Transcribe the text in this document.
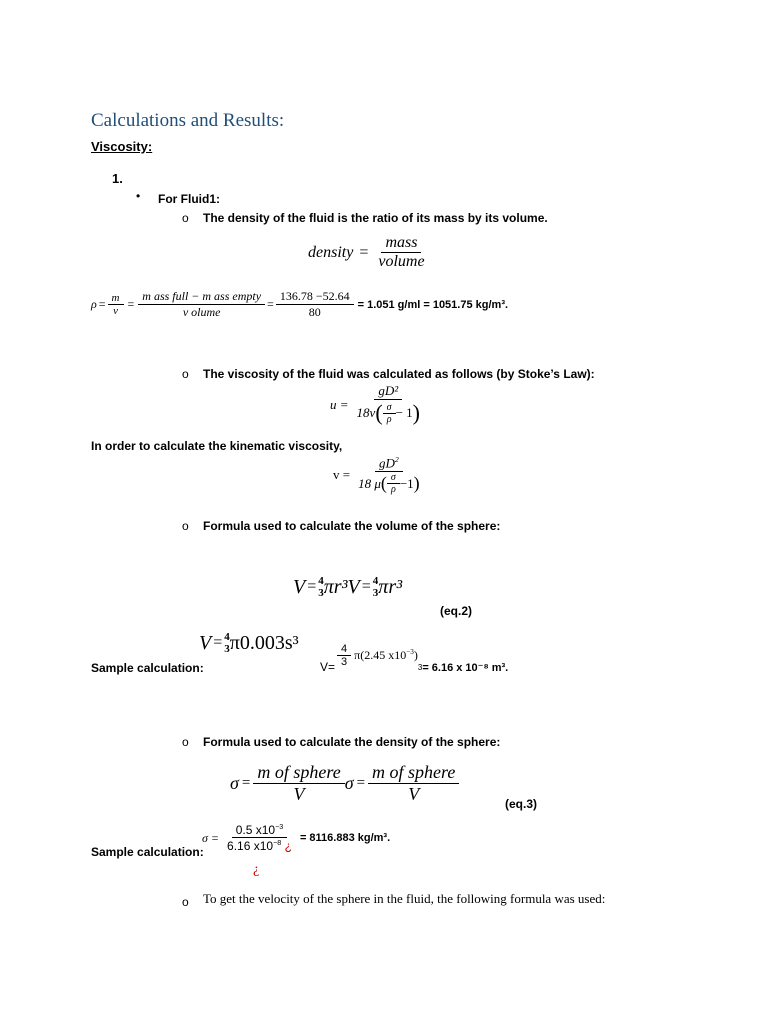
Calculations and Results:
Viscosity:
1.
• For Fluid1:
o The density of the fluid is the ratio of its mass by its volume.
density = $\frac{\text{mass}}{\text{volume}}$
$\rho = \frac{m}{v} = \frac{\text{m ass full − m ass empty}}{\text{v olume}} = \frac{136.78 -52.64}{80} = 1.051$ g/ml = 1051.75 kg/m³.
o The viscosity of the fluid was calculated as follows (by Stoke’s Law):
u =
gD²
18v ( $\frac{\sigma}{\rho} - 1$ )
In order to calculate the kinematic viscosity,
v =
$gD^2$
18 μ ( $\frac{\sigma}{\rho} -1$ )
o Formula used to calculate the volume of the sphere:
V = 4
3 πr³V = 4
3 πr³
(eq.2)
V = 4
3 π0.003s³
Sample calculation:	$V= \frac{4}{3} \pi(2.45$ $x10^{-3}$)
3 = 6.16 x 10⁻⁸ m³.
o Formula used to calculate the density of the sphere:
$\sigma = \frac{\text{m of sphere}}{V}$ $\sigma = \frac{\text{m of sphere}}{V}$	(eq.3)
Sample calculation:
$\sigma = \frac{0.5 x10^{-3}}{6.16 x10^{-8} ¿} = 8116.883$ kg/m³.
¿
o To get the velocity of the sphere in the fluid, the following formula was used:
